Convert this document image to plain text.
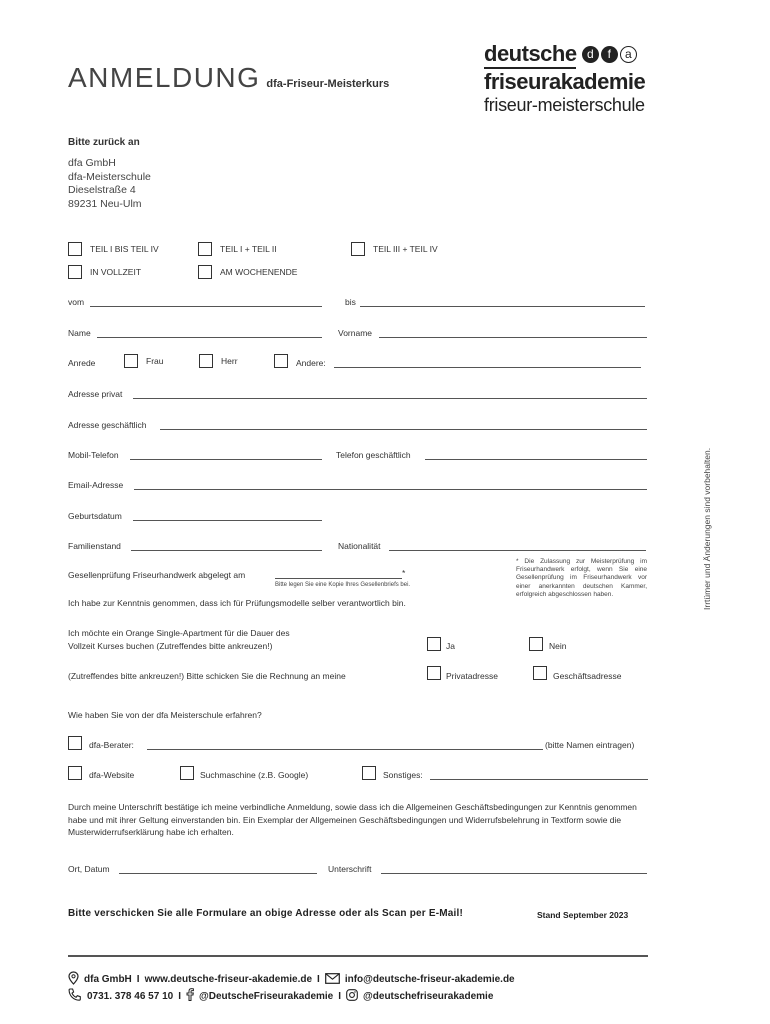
ANMELDUNG dfa-Friseur-Meisterkurs
deutsche d	f	a
friseurakademie
friseur-meisterschule
Bitte zurück an
dfa GmbH
dfa-Meisterschule
Dieselstraße 4
89231 Neu-Ulm
Irrtümer und Änderungen sind vorbehalten.
TEIL I BIS TEIL IV	TEIL I + TEIL II	TEIL III + TEIL IV
IN VOLLZEIT	AM WOCHENENDE
vom	bis
Name	Vorname
Anrede	Frau	Herr	Andere:
Adresse privat
Adresse geschäftlich
Mobil-Telefon	Telefon geschäftlich
Email-Adresse
Geburtsdatum
Familienstand	Nationalität
* Die Zulassung zur Meisterprüfung im Friseurhandwerk erfolgt, wenn Sie eine Gesellenprüfung im Friseurhandwerk vor einer anerkannten deutschen Kammer, erfolgreich abgeschlossen haben.
Gesellenprüfung Friseurhandwerk abgelegt am	*
Bitte legen Sie eine Kopie Ihres Gesellenbriefs bei.
Ich habe zur Kenntnis genommen, dass ich für Prüfungsmodelle selber verantwortlich bin.
Ich möchte ein Orange Single-Apartment für die Dauer des
Vollzeit Kurses buchen (Zutreffendes bitte ankreuzen!)	Ja	Nein
(Zutreffendes bitte ankreuzen!) Bitte schicken Sie die Rechnung an meine	Privatadresse	Geschäftsadresse
Wie haben Sie von der dfa Meisterschule erfahren?
dfa-Berater:	(bitte Namen eintragen)
dfa-Website	Suchmaschine (z.B. Google)	Sonstiges:
Durch meine Unterschrift bestätige ich meine verbindliche Anmeldung, sowie dass ich die Allgemeinen Geschäftsbedingungen zur Kenntnis genommen habe und mit ihrer Geltung einverstanden bin. Ein Exemplar der Allgemeinen Geschäftsbedingungen und Widerrufsbelehrung in Textform sowie die Musterwiderrufserklärung habe ich erhalten.
Ort, Datum	Unterschrift
Bitte verschicken Sie alle Formulare an obige Adresse oder als Scan per E-Mail!	Stand September 2023
dfa GmbH I www.deutsche-friseur-akademie.de I	info@deutsche-friseur-akademie.de
0731. 378 46 57 10 I @DeutscheFriseurakademie I @deutschefriseurakademie
